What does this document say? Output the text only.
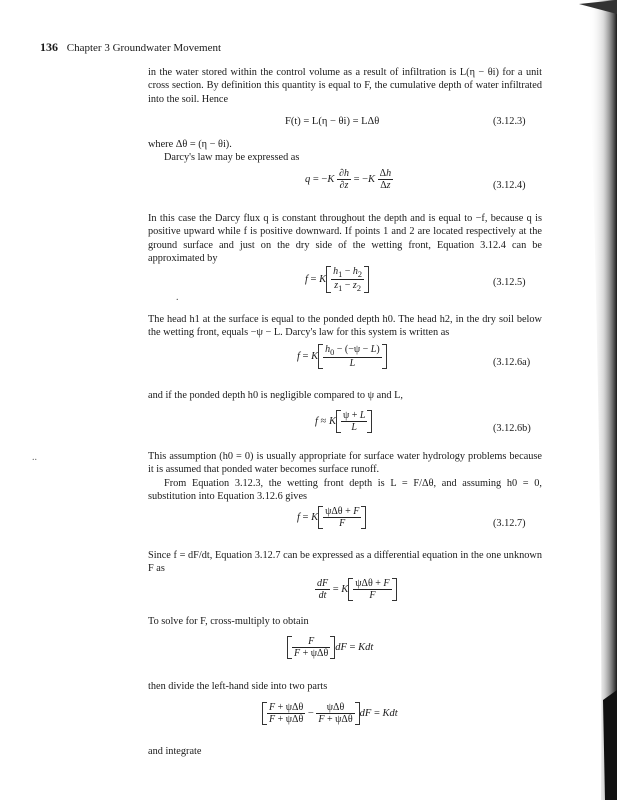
136 Chapter 3 Groundwater Movement
in the water stored within the control volume as a result of infiltration is L(η − θi) for a unit cross section. By definition this quantity is equal to F, the cumulative depth of water infiltrated into the soil. Hence
F(t) = L(η − θi) = LΔθ	(3.12.3)
where Δθ = (η − θi).
Darcy's law may be expressed as
$q = -K \frac{\partial h}{\partial z} = -K \frac{\Delta h}{\Delta z}$	(3.12.4)
In this case the Darcy flux q is constant throughout the depth and is equal to −f, because q is positive upward while f is positive downward. If points 1 and 2 are located respectively at the ground surface and just on the dry side of the wetting front, Equation 3.12.4 can be approximated by
.
f = K $\frac{h_1 - h_2}{z_1 - z_2}$	(3.12.5)
The head h1 at the surface is equal to the ponded depth h0. The head h2, in the dry soil below the wetting front, equals −ψ − L. Darcy's law for this system is written as
f = K $\frac{h_0 - (-\psi - L)}{L}$	(3.12.6a)
and if the ponded depth h0 is negligible compared to ψ and L,
f ≈ K $\frac{\psi + L}{L}$	(3.12.6b)
..	This assumption (h0 = 0) is usually appropriate for surface water hydrology problems because it is assumed that ponded water becomes surface runoff.
From Equation 3.12.3, the wetting front depth is L = F/Δθ, and assuming h0 = 0, substitution into Equation 3.12.6 gives
f = K $\frac{\text{ψΔθ + F}}{F}$	(3.12.7)
Since f = dF/dt, Equation 3.12.7 can be expressed as a differential equation in the one unknown F as
$\frac{dF}{dt} = K \frac{\text{ψΔθ + F}}{F}$
To solve for F, cross-multiply to obtain
$\frac{F}{\text{F + ψΔθ}}$ dF = Kdt
then divide the left-hand side into two parts
$\frac{\text{F + ψΔθ}}{\text{F + ψΔθ}} - \frac{\text{ψΔθ}}{\text{F + ψΔθ}}$ dF = Kdt
and integrate
